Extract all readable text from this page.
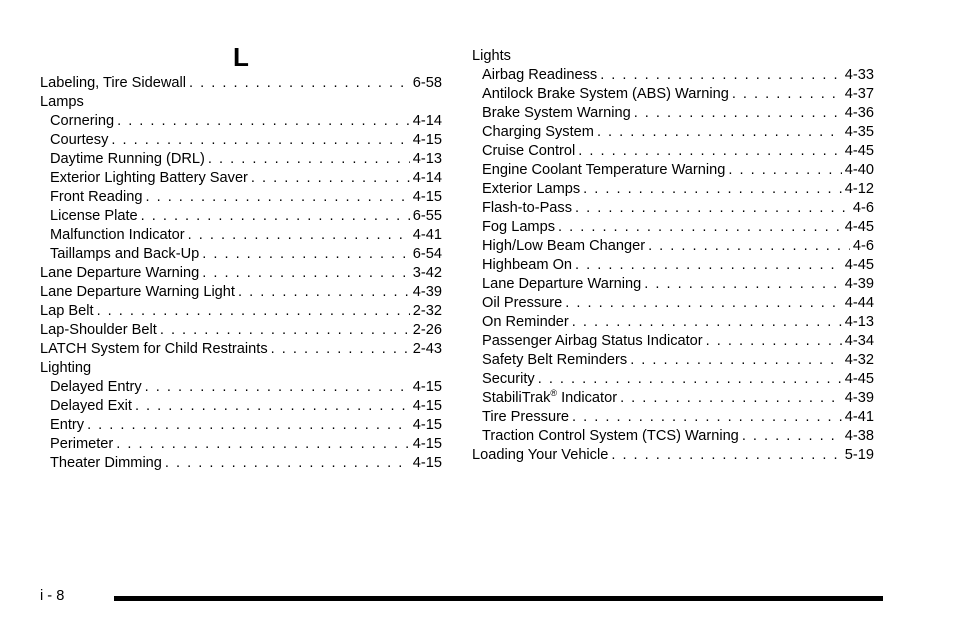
L
Labeling, Tire Sidewall . . .	6-58
Lamps
Cornering . . .	4-14
Courtesy . . .	4-15
Daytime Running (DRL) . . .	4-13
Exterior Lighting Battery Saver . . .	4-14
Front Reading . . .	4-15
License Plate . . .	6-55
Malfunction Indicator . . .	4-41
Taillamps and Back-Up . . .	6-54
Lane Departure Warning . . .	3-42
Lane Departure Warning Light . . .	4-39
Lap Belt . . .	2-32
Lap-Shoulder Belt . . .	2-26
LATCH System for Child Restraints . . .	2-43
Lighting
Delayed Entry . . .	4-15
Delayed Exit . . .	4-15
Entry . . .	4-15
Perimeter . . .	4-15
Theater Dimming . . .	4-15
Lights
Airbag Readiness . . .	4-33
Antilock Brake System (ABS) Warning . . .	4-37
Brake System Warning . . .	4-36
Charging System . . .	4-35
Cruise Control . . .	4-45
Engine Coolant Temperature Warning . . .	4-40
Exterior Lamps . . .	4-12
Flash-to-Pass . . .	4-6
Fog Lamps . . .	4-45
High/Low Beam Changer . . .	4-6
Highbeam On . . .	4-45
Lane Departure Warning . . .	4-39
Oil Pressure . . .	4-44
On Reminder . . .	4-13
Passenger Airbag Status Indicator . . .	4-34
Safety Belt Reminders . . .	4-32
Security . . .	4-45
StabiliTrak® Indicator . . .	4-39
Tire Pressure . . .	4-41
Traction Control System (TCS) Warning . . .	4-38
Loading Your Vehicle . . .	5-19
i - 8
